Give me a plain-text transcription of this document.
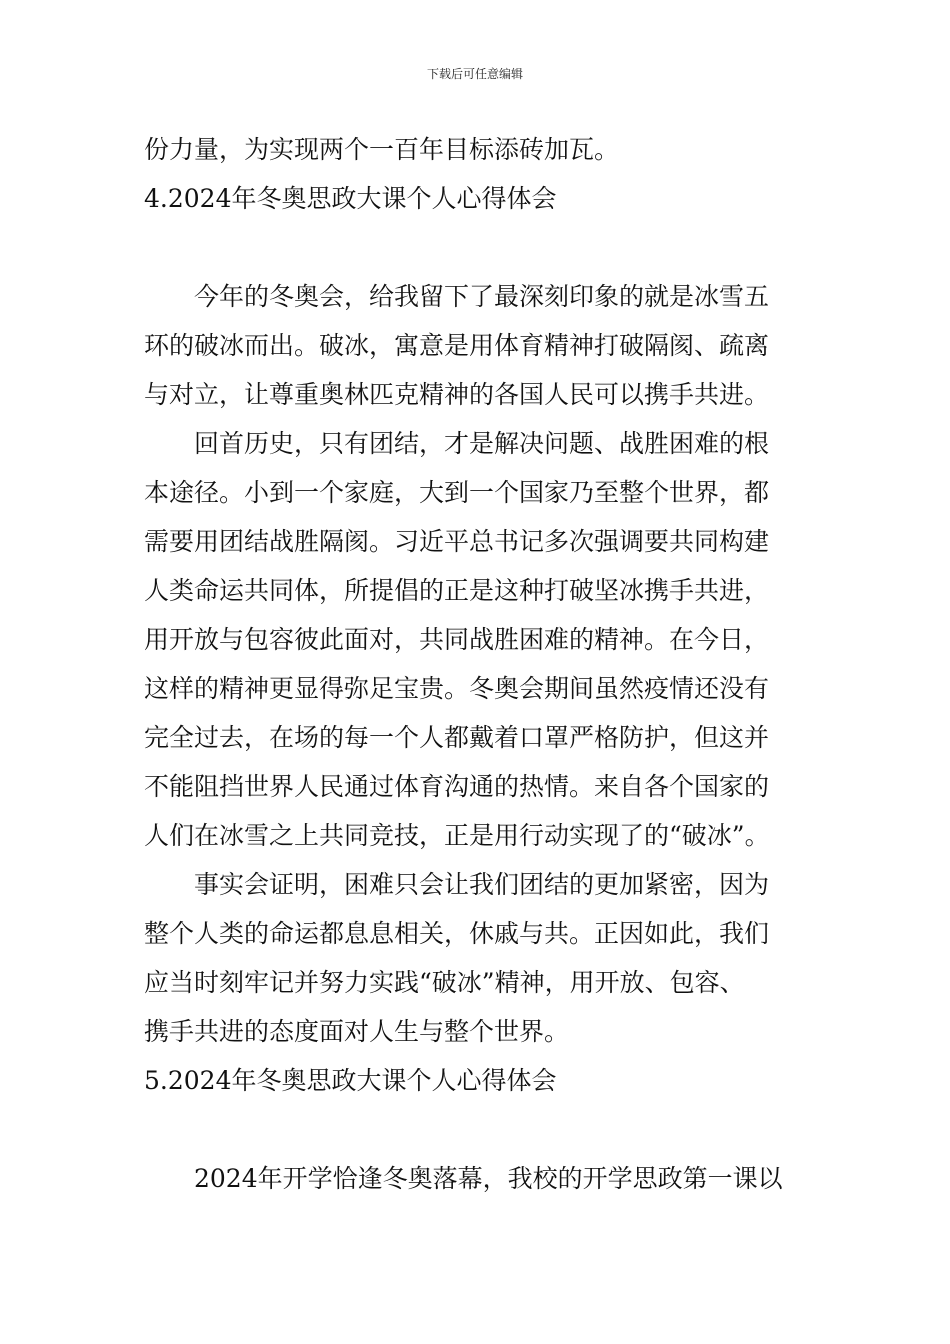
下载后可任意编辑
份力量，为实现两个一百年目标添砖加瓦。
4.2024年冬奥思政大课个人心得体会
　　今年的冬奥会，给我留下了最深刻印象的就是冰雪五
环的破冰而出。破冰，寓意是用体育精神打破隔阂、疏离
与对立，让尊重奥林匹克精神的各国人民可以携手共进。
　　回首历史，只有团结，才是解决问题、战胜困难的根
本途径。小到一个家庭，大到一个国家乃至整个世界，都
需要用团结战胜隔阂。习近平总书记多次强调要共同构建
人类命运共同体，所提倡的正是这种打破坚冰携手共进，
用开放与包容彼此面对，共同战胜困难的精神。在今日，
这样的精神更显得弥足宝贵。冬奥会期间虽然疫情还没有
完全过去，在场的每一个人都戴着口罩严格防护，但这并
不能阻挡世界人民通过体育沟通的热情。来自各个国家的
人们在冰雪之上共同竞技，正是用行动实现了的“破冰”。
　　事实会证明，困难只会让我们团结的更加紧密，因为
整个人类的命运都息息相关，休戚与共。正因如此，我们
应当时刻牢记并努力实践“破冰”精神，用开放、包容、
携手共进的态度面对人生与整个世界。
5.2024年冬奥思政大课个人心得体会
　　2024年开学恰逢冬奥落幕，我校的开学思政第一课以
